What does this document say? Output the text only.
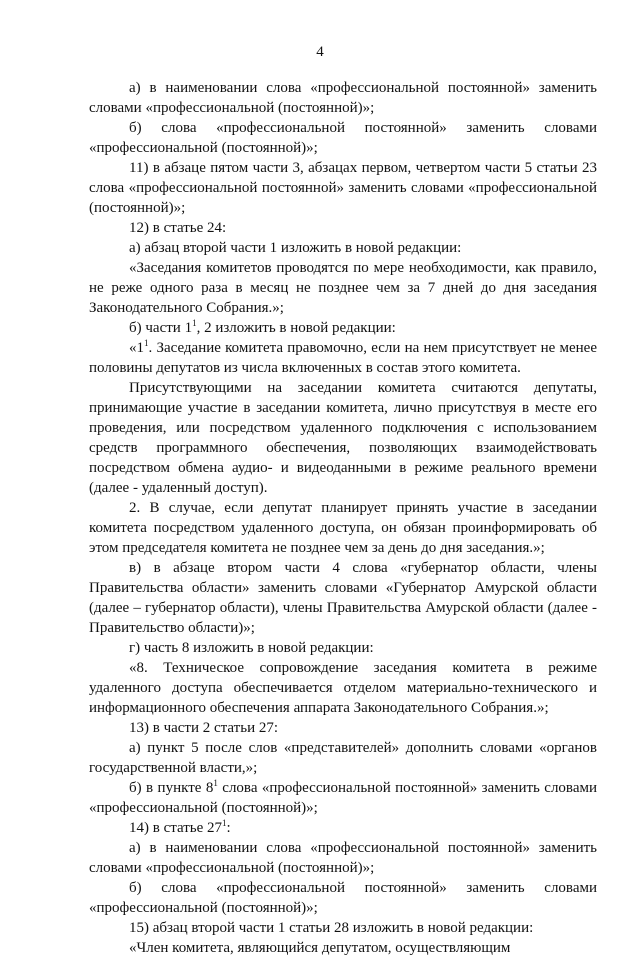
4

а) в наименовании слова «профессиональной постоянной» заменить словами «профессиональной (постоянной)»;

б) слова «профессиональной постоянной» заменить словами «профессиональной (постоянной)»;

11) в абзаце пятом части 3, абзацах первом, четвертом части 5 статьи 23 слова «профессиональной постоянной» заменить словами «профессиональной (постоянной)»;

12) в статье 24:

а) абзац второй части 1 изложить в новой редакции:

«Заседания комитетов проводятся по мере необходимости, как правило, не реже одного раза в месяц не позднее чем за 7 дней до дня заседания Законодательного Собрания.»;

б) части $1^1$, 2 изложить в новой редакции:

«$1^1$. Заседание комитета правомочно, если на нем присутствует не менее половины депутатов из числа включенных в состав этого комитета.

Присутствующими на заседании комитета считаются депутаты, принимающие участие в заседании комитета, лично присутствуя в месте его проведения, или посредством удаленного подключения с использованием средств программного обеспечения, позволяющих взаимодействовать посредством обмена аудио- и видеоданными в режиме реального времени (далее - удаленный доступ).

2. В случае, если депутат планирует принять участие в заседании комитета посредством удаленного доступа, он обязан проинформировать об этом председателя комитета не позднее чем за день до дня заседания.»;

в) в абзаце втором части 4 слова «губернатор области, члены Правительства области» заменить словами «Губернатор Амурской области (далее – губернатор области), члены Правительства Амурской области (далее - Правительство области)»;

г) часть 8 изложить в новой редакции:

«8. Техническое сопровождение заседания комитета в режиме удаленного доступа обеспечивается отделом материально-технического и информационного обеспечения аппарата Законодательного Собрания.»;

13) в части 2 статьи 27:

а) пункт 5 после слов «представителей» дополнить словами «органов государственной власти,»;

б) в пункте $8^1$ слова «профессиональной постоянной» заменить словами «профессиональной (постоянной)»;

14) в статье $27^1$:

а) в наименовании слова «профессиональной постоянной» заменить словами «профессиональной (постоянной)»;

б) слова «профессиональной постоянной» заменить словами «профессиональной (постоянной)»;

15) абзац второй части 1 статьи 28 изложить в новой редакции:

«Член комитета, являющийся депутатом, осуществляющим
